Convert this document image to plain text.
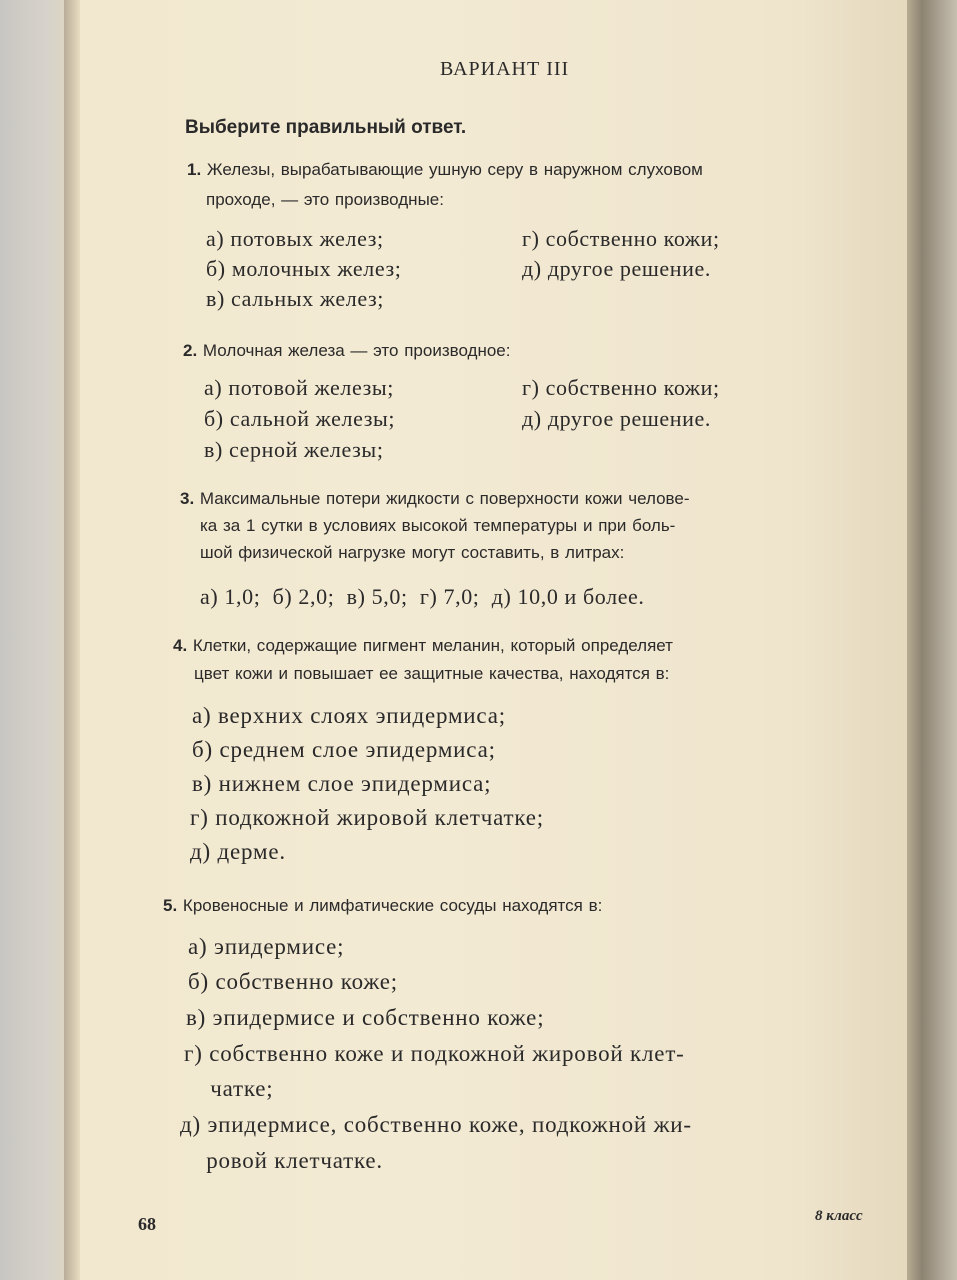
ВАРИАНТ III
Выберите правильный ответ.
1. Железы, вырабатывающие ушную серу в наружном слуховом
проходе, — это производные:
а) потовых желез;
б) молочных желез;
в) сальных желез;
г) собственно кожи;
д) другое решение.
2. Молочная железа — это производное:
а) потовой железы;
б) сальной железы;
в) серной железы;
г) собственно кожи;
д) другое решение.
3. Максимальные потери жидкости с поверхности кожи челове-
ка за 1 сутки в условиях высокой температуры и при боль-
шой физической нагрузке могут составить, в литрах:
а) 1,0;  б) 2,0;  в) 5,0;  г) 7,0;  д) 10,0 и более.
4. Клетки, содержащие пигмент меланин, который определяет
цвет кожи и повышает ее защитные качества, находятся в:
а) верхних слоях эпидермиса;
б) среднем слое эпидермиса;
в) нижнем слое эпидермиса;
г) подкожной жировой клетчатке;
д) дерме.
5. Кровеносные и лимфатические сосуды находятся в:
а) эпидермисе;
б) собственно коже;
в) эпидермисе и собственно коже;
г) собственно коже и подкожной жировой клет-
чатке;
д) эпидермисе, собственно коже, подкожной жи-
ровой клетчатке.
68	8 класс
